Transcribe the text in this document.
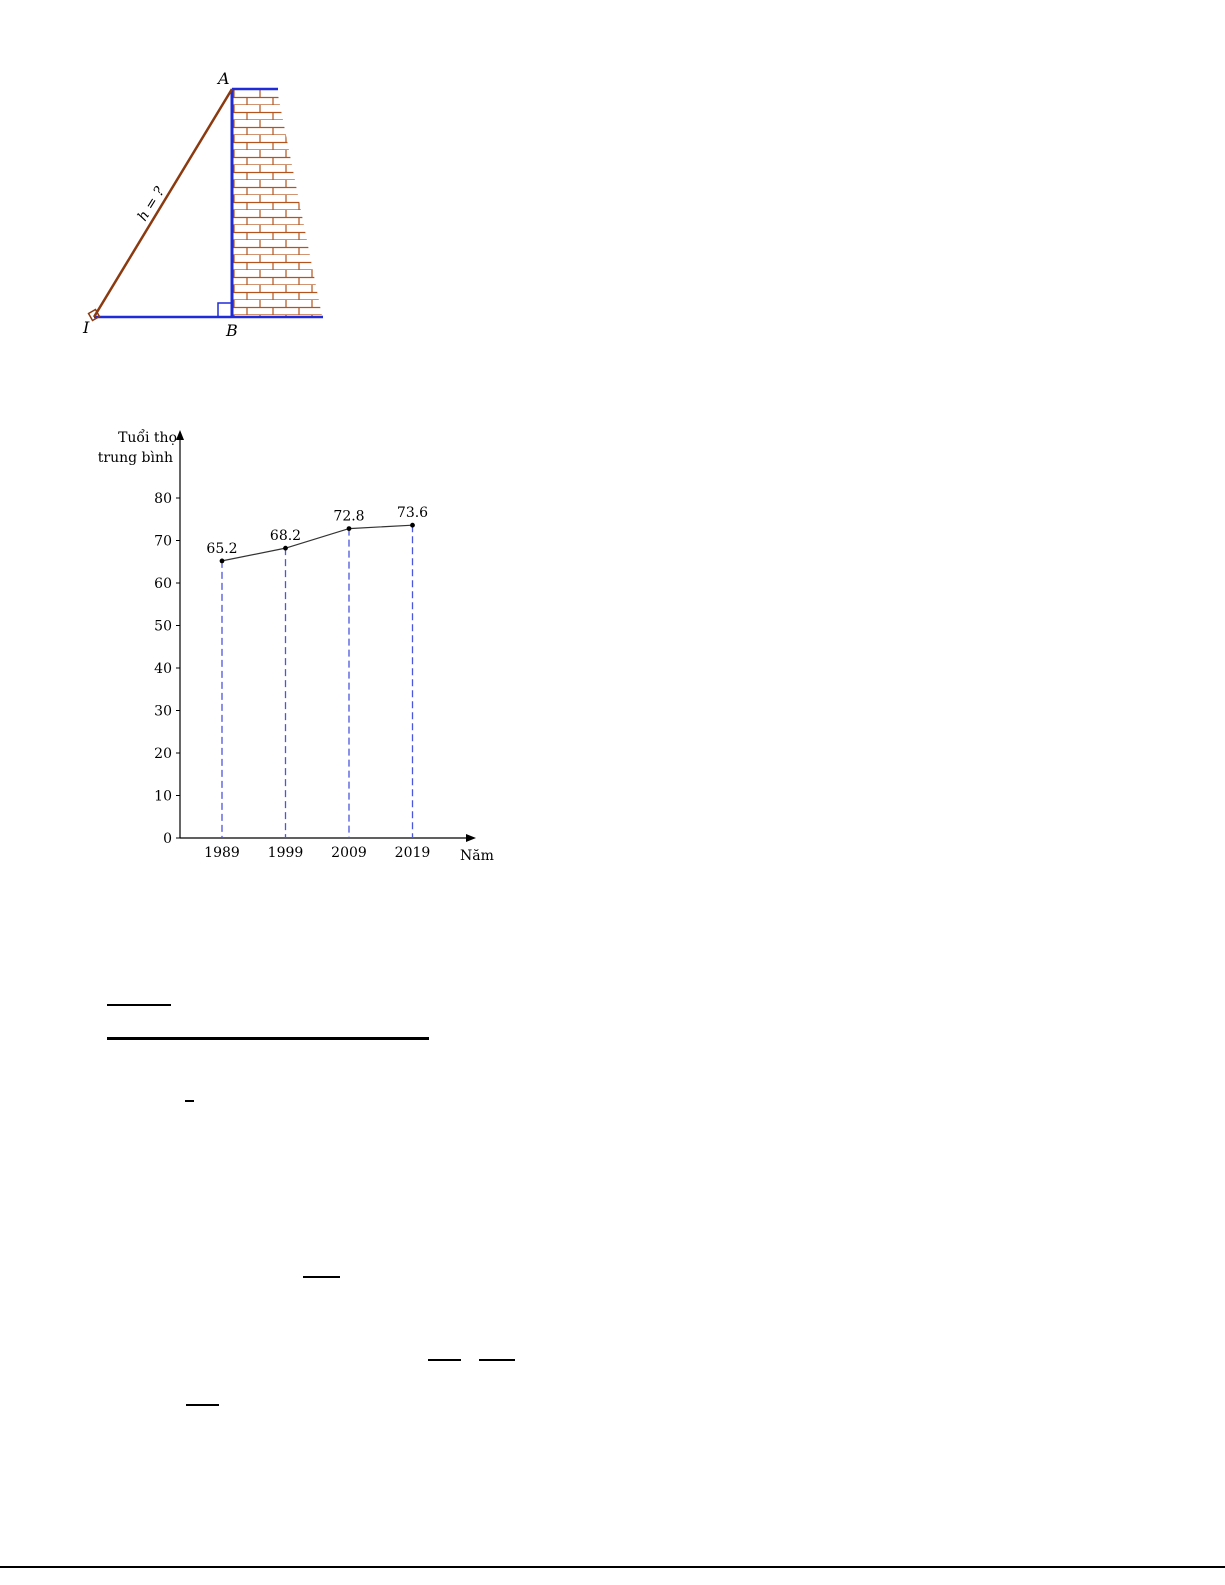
A
B
I
h = ?
0
10
20
30
40
50
60
70
80
1989 1999 2009 2019
65.2
68.2
72.8 73.6
Tuổi thọ
trung bình
Năm
